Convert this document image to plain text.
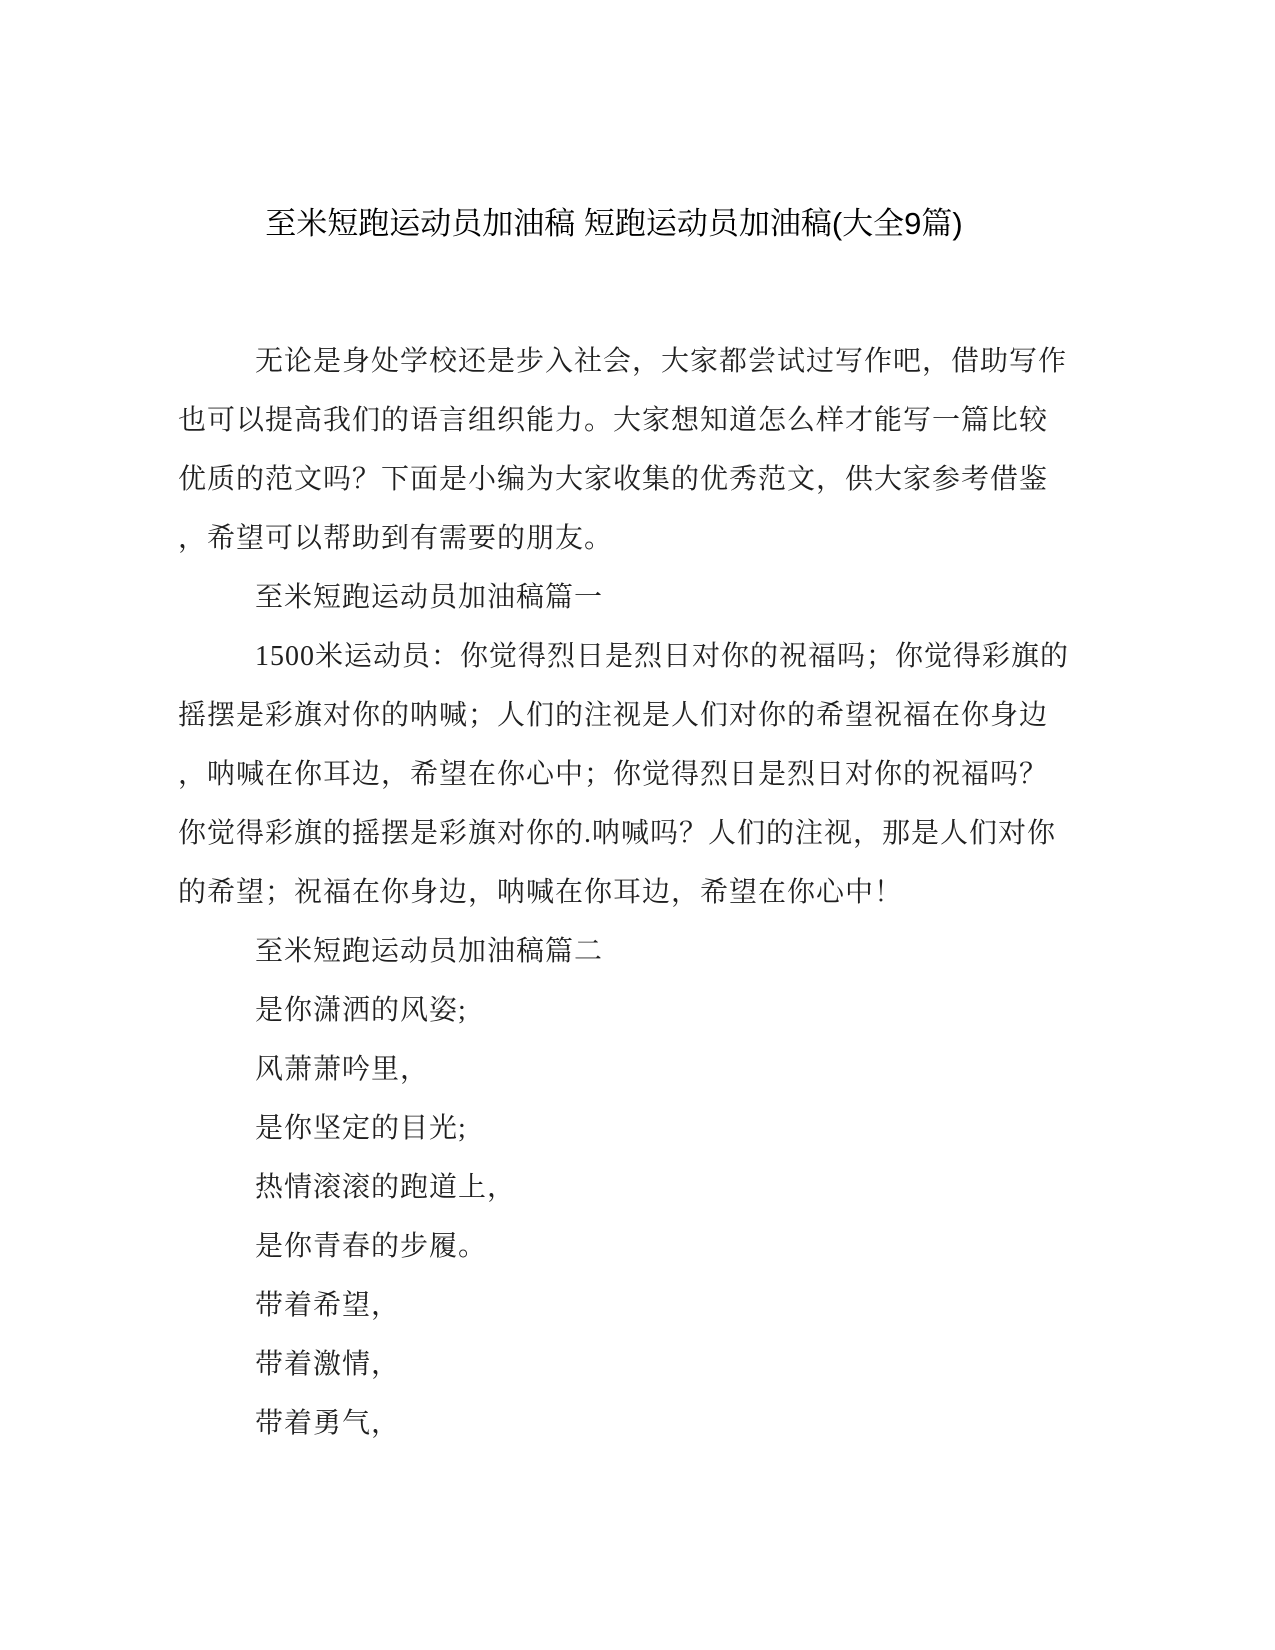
至米短跑运动员加油稿 短跑运动员加油稿(大全9篇)
无论是身处学校还是步入社会，大家都尝试过写作吧，借助写作
也可以提高我们的语言组织能力。大家想知道怎么样才能写一篇比较
优质的范文吗？下面是小编为大家收集的优秀范文，供大家参考借鉴
，希望可以帮助到有需要的朋友。
至米短跑运动员加油稿篇一
1500米运动员：你觉得烈日是烈日对你的祝福吗；你觉得彩旗的
摇摆是彩旗对你的呐喊；人们的注视是人们对你的希望祝福在你身边
，呐喊在你耳边，希望在你心中；你觉得烈日是烈日对你的祝福吗？
你觉得彩旗的摇摆是彩旗对你的.呐喊吗？人们的注视，那是人们对你
的希望；祝福在你身边，呐喊在你耳边，希望在你心中！
至米短跑运动员加油稿篇二
是你潇洒的风姿;
风萧萧吟里，
是你坚定的目光;
热情滚滚的跑道上，
是你青春的步履。
带着希望，
带着激情，
带着勇气，
